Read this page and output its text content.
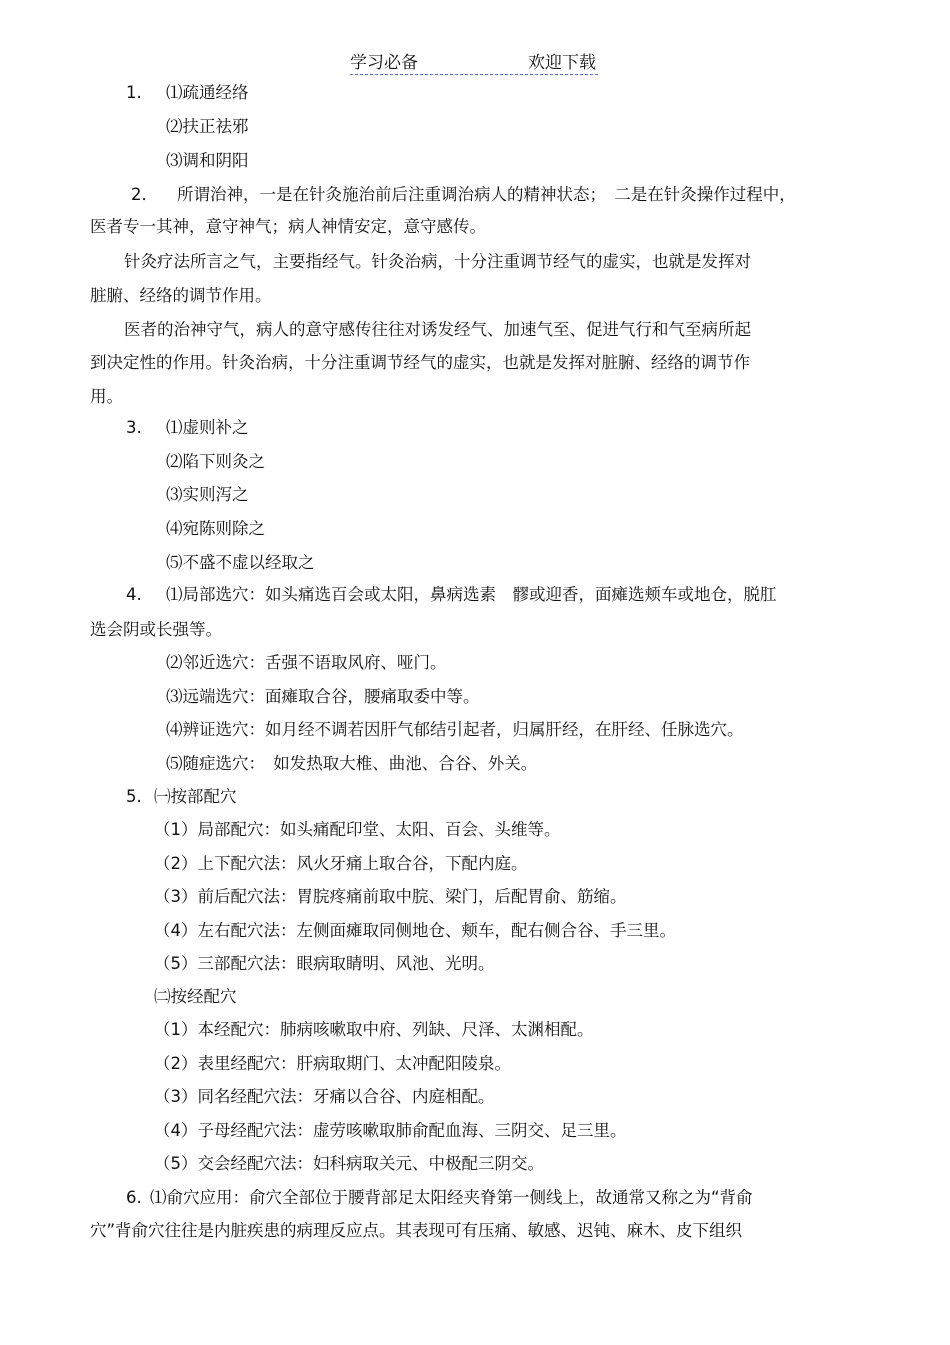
学习必备	欢迎下载
1. ⑴疏通经络
⑵扶正祛邪
⑶调和阴阳
2． 所谓治神，一是在针灸施治前后注重调治病人的精神状态；　二是在针灸操作过程中，
医者专一其神，意守神气；病人神情安定，意守感传。
针灸疗法所言之气，主要指经气。针灸治病，十分注重调节经气的虚实，也就是发挥对
脏腑、经络的调节作用。
医者的治神守气，病人的意守感传往往对诱发经气、加速气至、促进气行和气至病所起
到决定性的作用。针灸治病，十分注重调节经气的虚实，也就是发挥对脏腑、经络的调节作
用。
3. ⑴虚则补之
⑵陷下则灸之
⑶实则泻之
⑷宛陈则除之
⑸不盛不虚以经取之
4. ⑴局部选穴：如头痛选百会或太阳，鼻病选素　髎或迎香，面瘫选颊车或地仓，脱肛
选会阴或长强等。
⑵邻近选穴：舌强不语取风府、哑门。
⑶远端选穴：面瘫取合谷，腰痛取委中等。
⑷辨证选穴：如月经不调若因肝气郁结引起者，归属肝经，在肝经、任脉选穴。
⑸随症选穴：　如发热取大椎、曲池、合谷、外关。
5. ㈠按部配穴
（1）局部配穴：如头痛配印堂、太阳、百会、头维等。
（2）上下配穴法：风火牙痛上取合谷，下配内庭。
（3）前后配穴法：胃脘疼痛前取中脘、梁门，后配胃俞、筋缩。
（4）左右配穴法：左侧面瘫取同侧地仓、颊车，配右侧合谷、手三里。
（5）三部配穴法：眼病取睛明、风池、光明。
㈡按经配穴
（1）本经配穴：肺病咳嗽取中府、列缺、尺泽、太渊相配。
（2）表里经配穴：肝病取期门、太冲配阳陵泉。
（3）同名经配穴法：牙痛以合谷、内庭相配。
（4）子母经配穴法：虚劳咳嗽取肺俞配血海、三阴交、足三里。
（5）交会经配穴法：妇科病取关元、中极配三阴交。
6. ⑴俞穴应用：俞穴全部位于腰背部足太阳经夹脊第一侧线上，故通常又称之为“背俞
穴”背俞穴往往是内脏疾患的病理反应点。其表现可有压痛、敏感、迟钝、麻木、皮下组织
